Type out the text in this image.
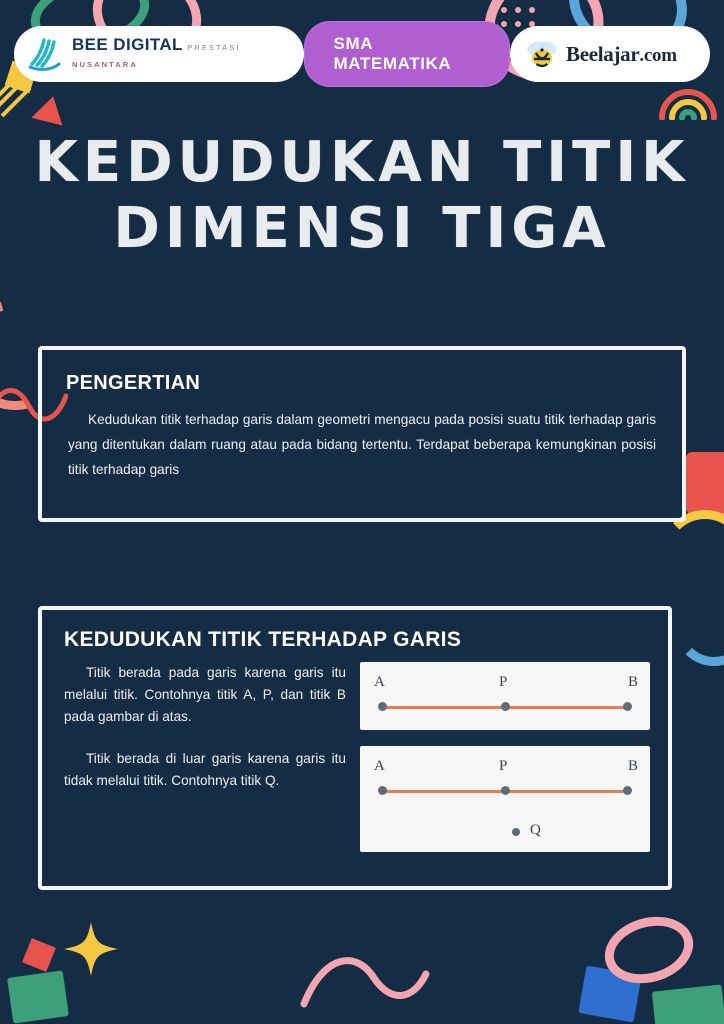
BEE DIGITAL PRESTASI NUSANTARA
SMA MATEMATIKA	Beelajar.com
KEDUDUKAN TITIK
DIMENSI TIGA
PENGERTIAN
Kedudukan titik terhadap garis dalam geometri mengacu pada posisi suatu titik terhadap garis yang ditentukan dalam ruang atau pada bidang tertentu. Terdapat beberapa kemungkinan posisi titik terhadap garis
KEDUDUKAN TITIK TERHADAP GARIS
Titik berada pada garis karena garis itu melalui titik. Contohnya titik A, P, dan titik B pada gambar di atas.
Titik berada di luar garis karena garis itu tidak melalui titik. Contohnya titik Q.
A	P	B
A	P	B
Q
